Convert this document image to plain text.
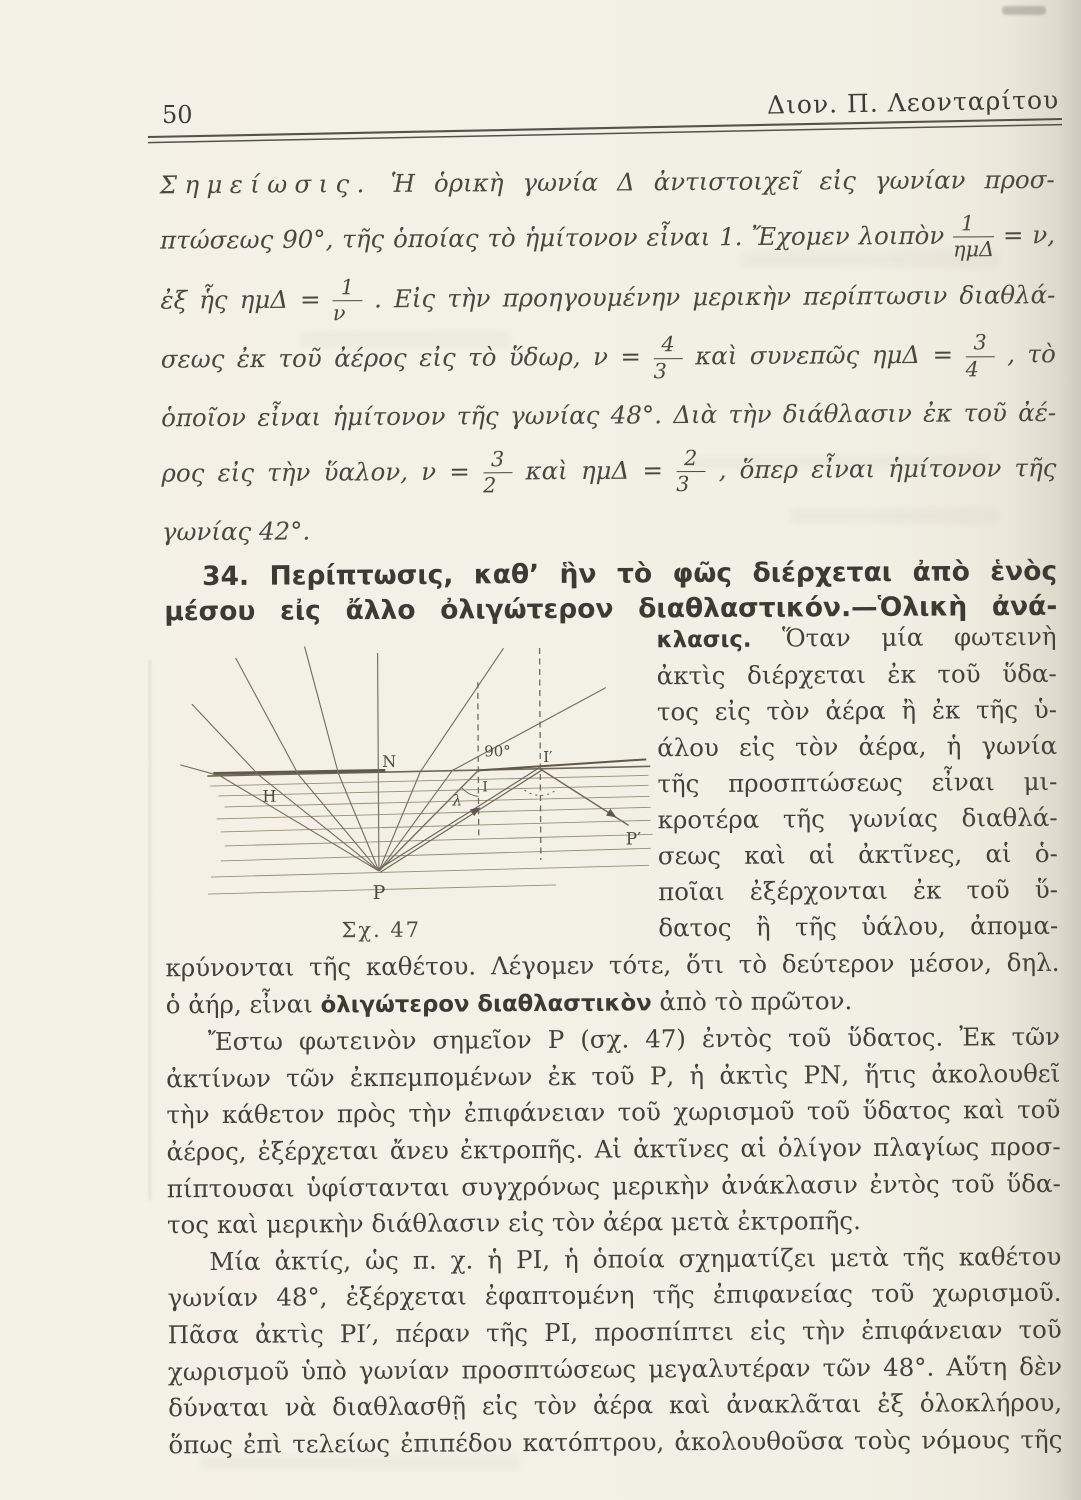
50	Διον. Π. Λεονταρίτου
Σημείωσις. Ἡ ὁρικὴ γωνία Δ ἀντιστοιχεῖ εἰς γωνίαν προσ-
πτώσεως 90°, τῆς ὁποίας τὸ ἡμίτονον εἶναι 1. Ἔχομεν λοιπὸν $\frac{1}{\text{ημΔ}} = \nu$,
ἐξ ἧς $\eta\mu\Delta = \frac{1}{\nu}$ . Εἰς τὴν προηγουμένην μερικὴν περίπτωσιν διαθλά-
σεως ἐκ τοῦ ἀέρος εἰς τὸ ὕδωρ, $\nu = \frac{4}{3}$ καὶ συνεπῶς $\eta\mu\Delta = \frac{3}{4}$ , τὸ
ὁποῖον εἶναι ἡμίτονον τῆς γωνίας 48°. Διὰ τὴν διάθλασιν ἐκ τοῦ ἀέ-
ρος εἰς τὴν ὕαλον, $\nu = \frac{3}{2}$ καὶ $\eta\mu\Delta = \frac{2}{3}$ , ὅπερ εἶναι ἡμίτονον τῆς
γωνίας 42°.
34. Περίπτωσις, καθ’ ἣν τὸ φῶς διέρχεται ἀπὸ ἑνὸς
μέσου εἰς ἄλλο ὀλιγώτερον διαθλαστικόν.—Ὁλικὴ ἀνά-
N
H
90° I′
I
λ
P
P′
Σχ. 47
κλασις. Ὅταν μία φωτεινὴ
ἀκτὶς διέρχεται ἐκ τοῦ ὕδα-
τος εἰς τὸν ἀέρα ἢ ἐκ τῆς ὑ-
άλου εἰς τὸν ἀέρα, ἡ γωνία
τῆς προσπτώσεως εἶναι μι-
κροτέρα τῆς γωνίας διαθλά-
σεως καὶ αἱ ἀκτῖνες, αἱ ὁ-
ποῖαι ἐξέρχονται ἐκ τοῦ ὕ-
δατος ἢ τῆς ὑάλου, ἀπομα-
κρύνονται τῆς καθέτου. Λέγομεν τότε, ὅτι τὸ δεύτερον μέσον, δηλ.
ὁ ἀήρ, εἶναι ὀλιγώτερον διαθλαστικὸν ἀπὸ τὸ πρῶτον.
Ἔστω φωτεινὸν σημεῖον Ρ (σχ. 47) ἐντὸς τοῦ ὕδατος. Ἐκ τῶν
ἀκτίνων τῶν ἐκπεμπομένων ἐκ τοῦ Ρ, ἡ ἀκτὶς ΡΝ, ἥτις ἀκολουθεῖ
τὴν κάθετον πρὸς τὴν ἐπιφάνειαν τοῦ χωρισμοῦ τοῦ ὕδατος καὶ τοῦ
ἀέρος, ἐξέρχεται ἄνευ ἐκτροπῆς. Αἱ ἀκτῖνες αἱ ὀλίγον πλαγίως προσ-
πίπτουσαι ὑφίστανται συγχρόνως μερικὴν ἀνάκλασιν ἐντὸς τοῦ ὕδα-
τος καὶ μερικὴν διάθλασιν εἰς τὸν ἀέρα μετὰ ἐκτροπῆς.
Μία ἀκτίς, ὡς π. χ. ἡ ΡΙ, ἡ ὁποία σχηματίζει μετὰ τῆς καθέτου
γωνίαν 48°, ἐξέρχεται ἐφαπτομένη τῆς ἐπιφανείας τοῦ χωρισμοῦ.
Πᾶσα ἀκτὶς ΡΙ′, πέραν τῆς ΡΙ, προσπίπτει εἰς τὴν ἐπιφάνειαν τοῦ
χωρισμοῦ ὑπὸ γωνίαν προσπτώσεως μεγαλυτέραν τῶν 48°. Αὕτη δὲν
δύναται νὰ διαθλασθῇ εἰς τὸν ἀέρα καὶ ἀνακλᾶται ἐξ ὁλοκλήρου,
ὅπως ἐπὶ τελείως ἐπιπέδου κατόπτρου, ἀκολουθοῦσα τοὺς νόμους τῆς
